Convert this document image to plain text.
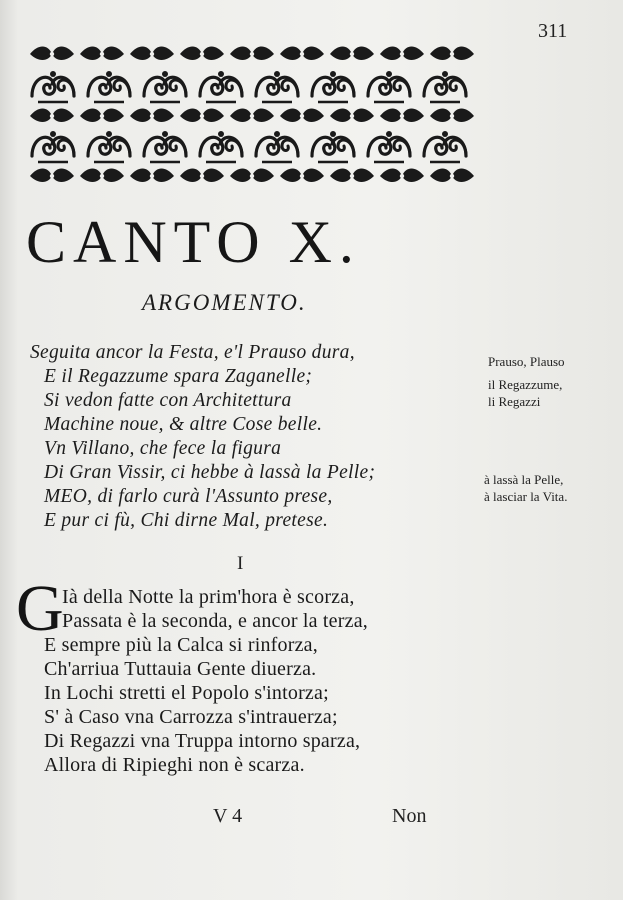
311

CANTO X.
ARGOMENTO.
Seguita ancor la Festa, e'l Prauso dura,
E il Regazzume spara Zaganelle;
Si vedon fatte con Architettura
Machine noue, & altre Cose belle.
Vn Villano, che fece la figura
Di Gran Vissir, ci hebbe à lassà la Pelle;
MEO, di farlo curà l'Assunto prese,
E pur ci fù, Chi dirne Mal, pretese.
Prauso, Plauso
il Regazzume,
li Regazzi
à lassà la Pelle,
à lasciar la Vita.
I
G
Ià della Notte la prim'hora è scorza,
Passata è la seconda, e ancor la terza,
E sempre più la Calca si rinforza,
Ch'arriua Tuttauia Gente diuerza.
In Lochi stretti el Popolo s'intorza;
S' à Caso vna Carrozza s'intrauerza;
Di Regazzi vna Truppa intorno sparza,
Allora di Ripieghi non è scarza.
V 4	Non
